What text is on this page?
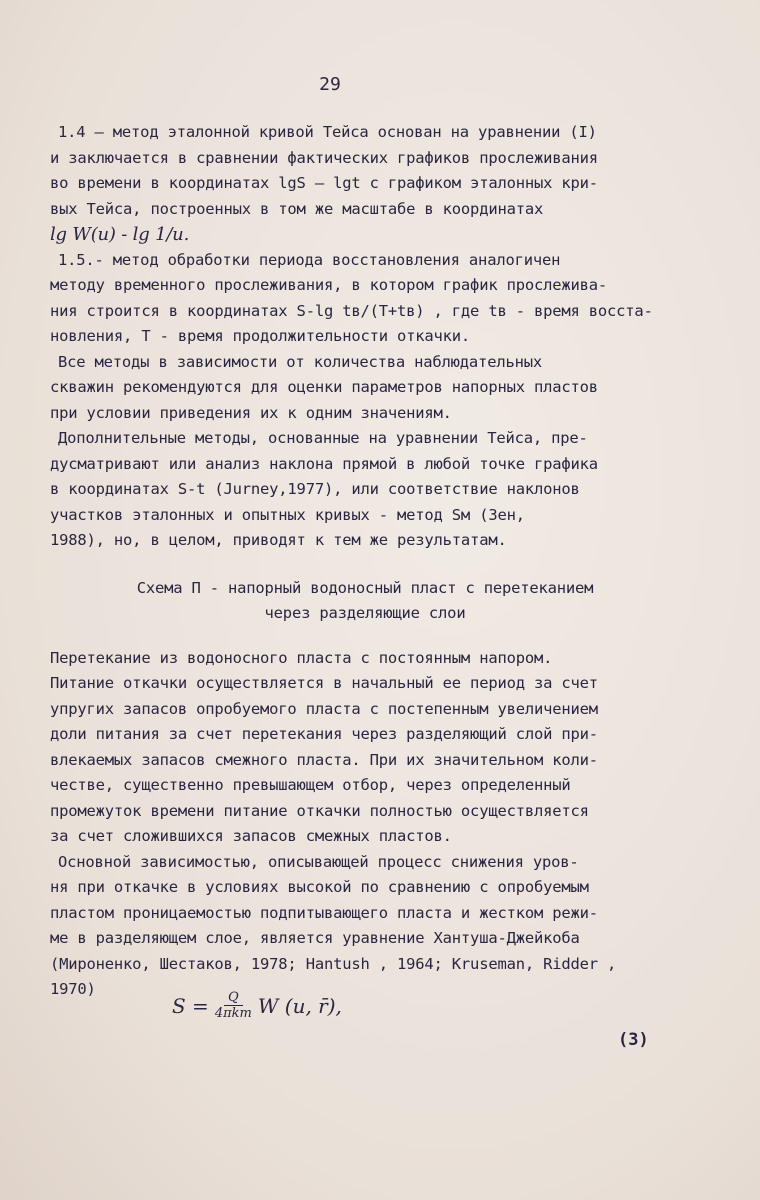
29

1.4 – метод эталонной кривой Тейса основан на уравнении (I)

и заключается в сравнении фактических графиков прослеживания

во времени в координатах lgS — lgt с графиком эталонных кри-

вых Тейса, построенных в том же масштабе в координатах

lg W(u) - lg 1/u.

1.5.- метод обработки периода восстановления аналогичен

методу временного прослеживания, в котором график прослежива-

ния строится в координатах S-lg tв/(T+tв) , где tв - время восста-

новления, Т - время продолжительности откачки.

Все методы в зависимости от количества наблюдательных

скважин рекомендуются для оценки параметров напорных пластов

при условии приведения их к одним значениям.

Дополнительные методы, основанные на уравнении Тейса, пре-

дусматривают или анализ наклона прямой в любой точке графика

в координатах S-t (Jurney,1977), или соответствие наклонов

участков эталонных и опытных кривых - метод Sм (Зен,

1988), но, в целом, приводят к тем же результатам.

Схема П - напорный водоносный пласт с перетеканием

через разделяющие слои

Перетекание из водоносного пласта с постоянным напором.

Питание откачки осуществляется в начальный ее период за счет

упругих запасов опробуемого пласта с постепенным увеличением

доли питания за счет перетекания через разделяющий слой при-

влекаемых запасов смежного пласта. При их значительном коли-

честве, существенно превышающем отбор, через определенный

промежуток времени питание откачки полностью осуществляется

за счет сложившихся запасов смежных пластов.

Основной зависимостью, описывающей процесс снижения уров-

ня при откачке в условиях высокой по сравнению с опробуемым

пластом проницаемостью подпитывающего пласта и жестком режи-

ме в разделяющем слое, является уравнение Хантуша-Джейкоба

(Мироненко, Шестаков, 1978; Hantush , 1964; Kruseman, Ridder ,

1970)

$S = \frac{Q}{\text{4πkm}}$ W (u, r̄),
(3)
